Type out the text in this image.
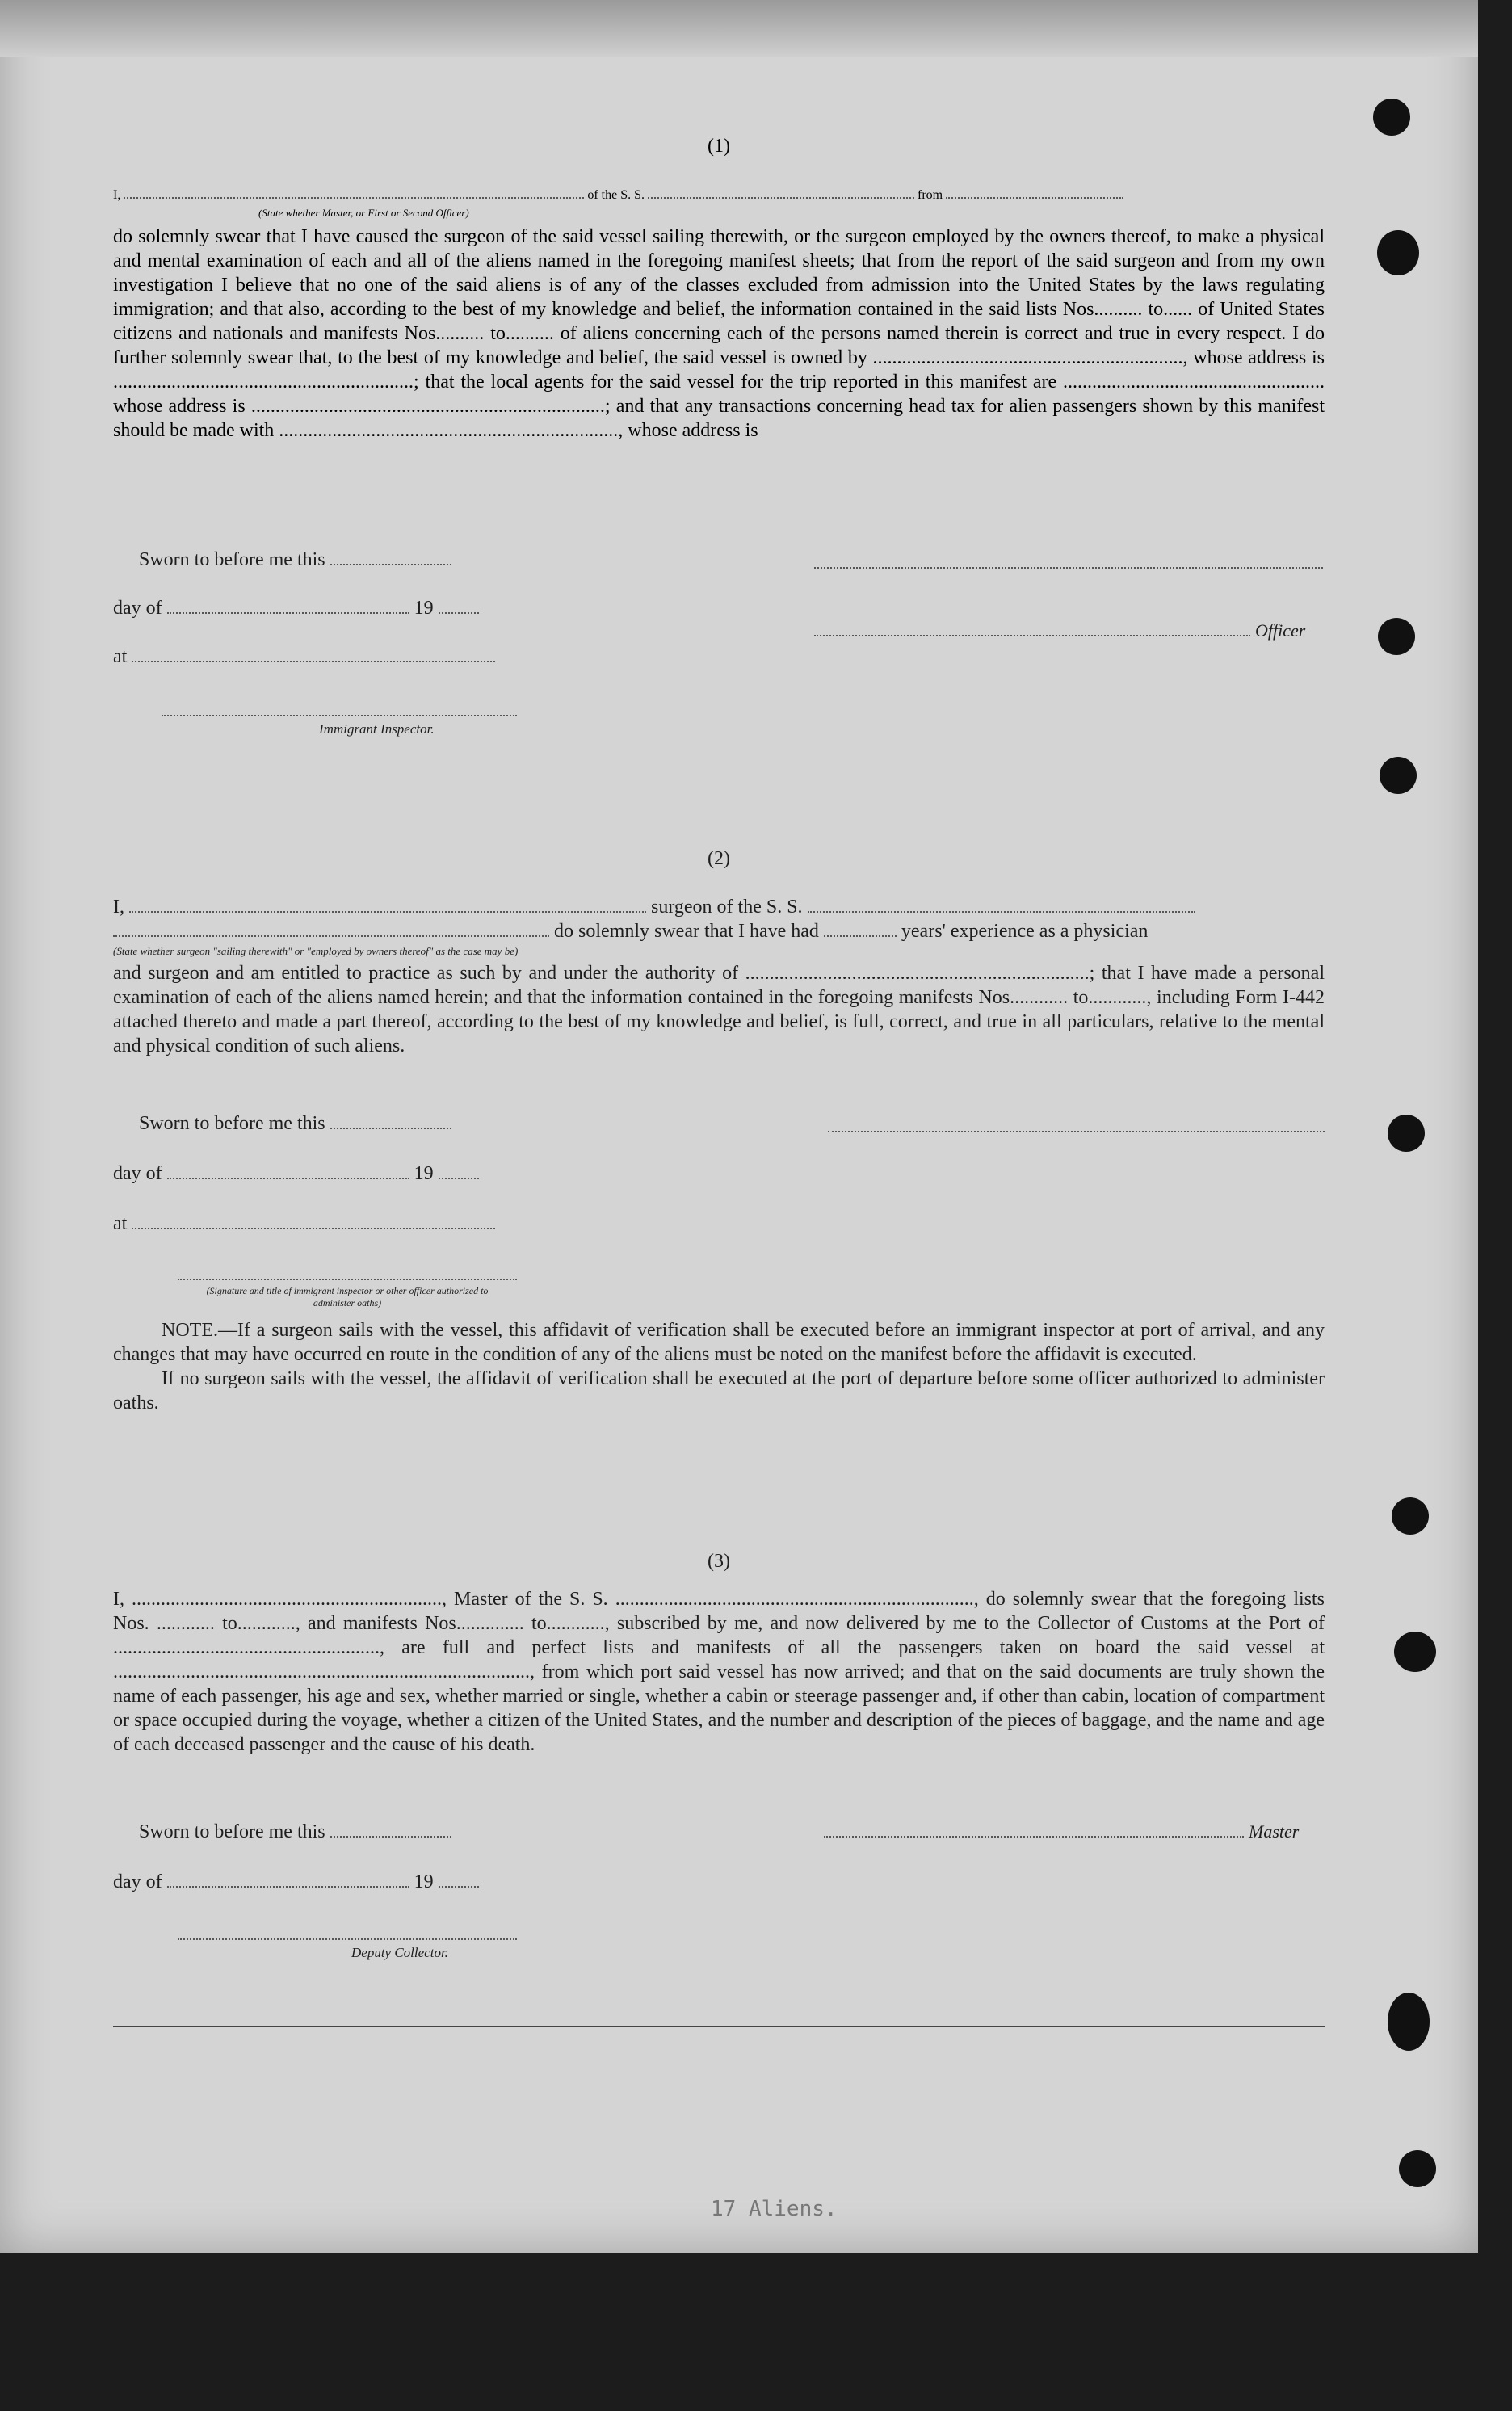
(1)
I,	of the S. S.	from
(State whether Master, or First or Second Officer)
do solemnly swear that I have caused the surgeon of the said vessel sailing therewith, or the surgeon employed by the owners thereof, to make a physical and mental examination of each and all of the aliens named in the foregoing manifest sheets; that from the report of the said surgeon and from my own investigation I believe that no one of the said aliens is of any of the classes excluded from admission into the United States by the laws regulating immigration; and that also, according to the best of my knowledge and belief, the information contained in the said lists Nos.......... to...... of United States citizens and nationals and manifests Nos.......... to.......... of aliens concerning each of the persons named therein is correct and true in every respect. I do further solemnly swear that, to the best of my knowledge and belief, the said vessel is owned by ................................................................, whose address is ..............................................................; that the local agents for the said vessel for the trip reported in this manifest are ...................................................... whose address is .........................................................................; and that any transactions concerning head tax for alien passengers shown by this manifest should be made with ......................................................................, whose address is
Sworn to before me this
day of	19
Officer
at
Immigrant Inspector.
(2)
I,	surgeon of the S. S.
do solemnly swear that I have had	years' experience as a physician
(State whether surgeon "sailing therewith" or "employed by owners thereof" as the case may be)
and surgeon and am entitled to practice as such by and under the authority of .......................................................................; that I have made a personal examination of each of the aliens named herein; and that the information contained in the foregoing manifests Nos............ to............, including Form I-442 attached thereto and made a part thereof, according to the best of my knowledge and belief, is full, correct, and true in all particulars, relative to the mental and physical condition of such aliens.
Sworn to before me this
day of	19
at
(Signature and title of immigrant inspector or other officer authorized to administer oaths)
NOTE.—If a surgeon sails with the vessel, this affidavit of verification shall be executed before an immigrant inspector at port of arrival, and any changes that may have occurred en route in the condition of any of the aliens must be noted on the manifest before the affidavit is executed.
If no surgeon sails with the vessel, the affidavit of verification shall be executed at the port of departure before some officer authorized to administer oaths.
(3)
I, ................................................................, Master of the S. S. .........................................................................., do solemnly swear that the foregoing lists Nos. ............ to............, and manifests Nos.............. to............, subscribed by me, and now delivered by me to the Collector of Customs at the Port of ......................................................., are full and perfect lists and manifests of all the passengers taken on board the said vessel at ......................................................................................, from which port said vessel has now arrived; and that on the said documents are truly shown the name of each passenger, his age and sex, whether married or single, whether a cabin or steerage passenger and, if other than cabin, location of compartment or space occupied during the voyage, whether a citizen of the United States, and the number and description of the pieces of baggage, and the name and age of each deceased passenger and the cause of his death.
Sworn to before me this	Master
day of	19
Deputy Collector.
17 Aliens.
